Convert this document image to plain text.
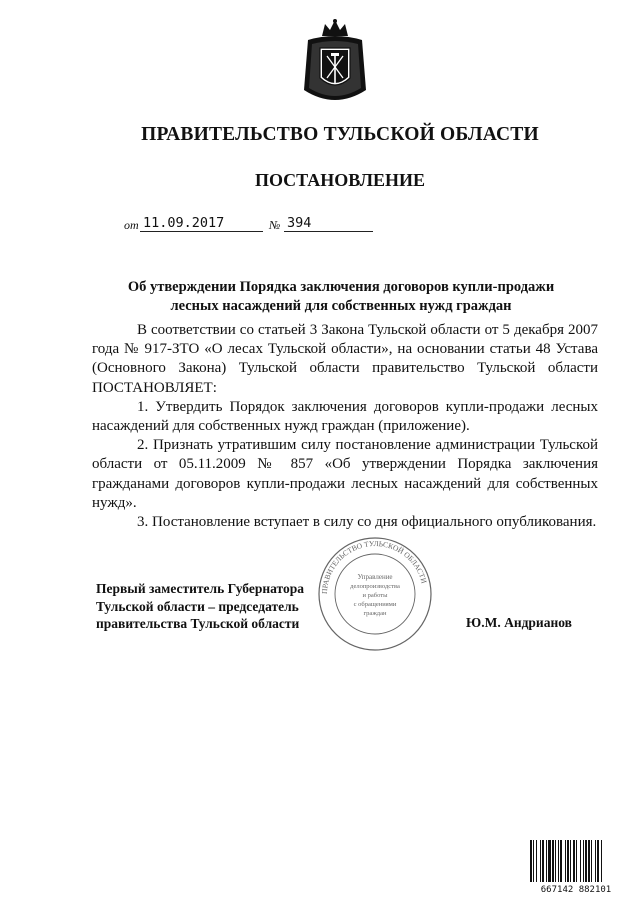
ПРАВИТЕЛЬСТВО ТУЛЬСКОЙ ОБЛАСТИ
ПОСТАНОВЛЕНИЕ
от 11.09.2017	№ 394
Об утверждении Порядка заключения договоров купли-продажи
лесных насаждений для собственных нужд граждан

В соответствии со статьей 3 Закона Тульской области от 5 декабря 2007 года № 917-ЗТО «О лесах Тульской области», на основании статьи 48 Устава (Основного Закона) Тульской области правительство Тульской области ПОСТАНОВЛЯЕТ:

1. Утвердить Порядок заключения договоров купли-продажи лесных насаждений для собственных нужд граждан (приложение).

2. Признать утратившим силу постановление администрации Тульской области от 05.11.2009 № 857 «Об утверждении Порядка заключения гражданами договоров купли-продажи лесных насаждений для собственных нужд».

3. Постановление вступает в силу со дня официального опубликования.

ПРАВИТЕЛЬСТВО ТУЛЬСКОЙ ОБЛАСТИ
Управление
делопроизводства
и работы
с обращениями
граждан
Первый заместитель Губернатора
Тульской области – председатель
правительства Тульской области	Ю.М. Андрианов
667142 882101
